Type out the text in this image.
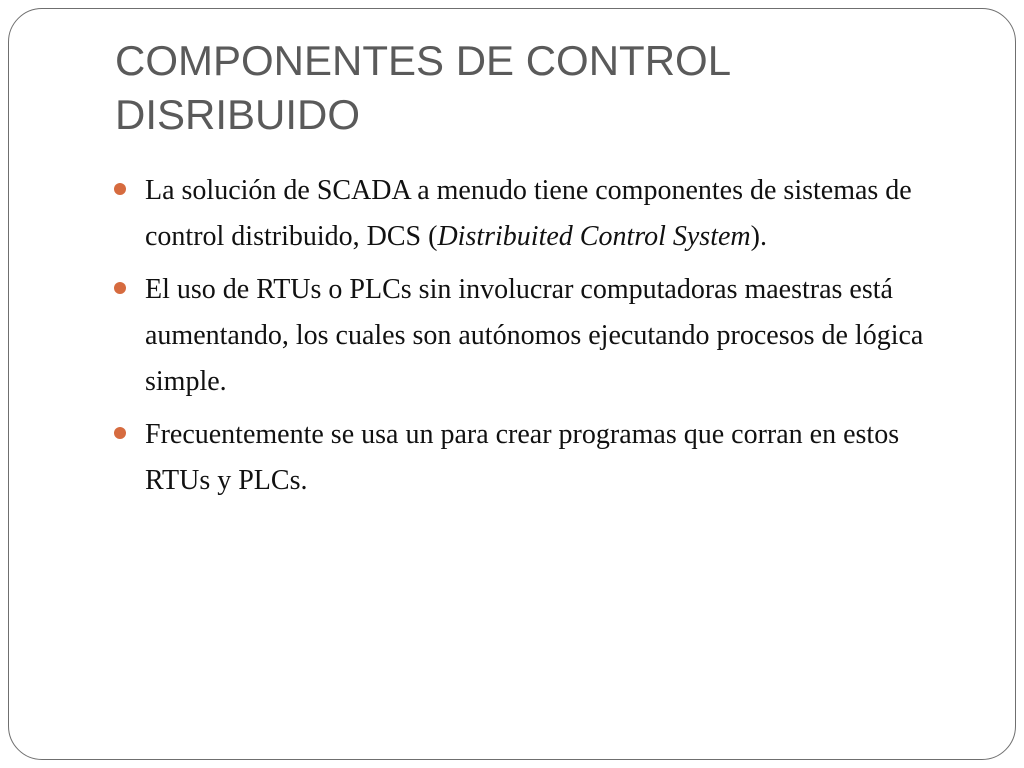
COMPONENTES DE CONTROL
DISRIBUIDO
La solución de SCADA a menudo tiene componentes de sistemas de control distribuido, DCS (Distribuited Control System).
El uso de RTUs o PLCs sin involucrar computadoras maestras está aumentando, los cuales son autónomos ejecutando procesos de lógica simple.
Frecuentemente se usa un para crear programas que corran en estos RTUs y PLCs.
